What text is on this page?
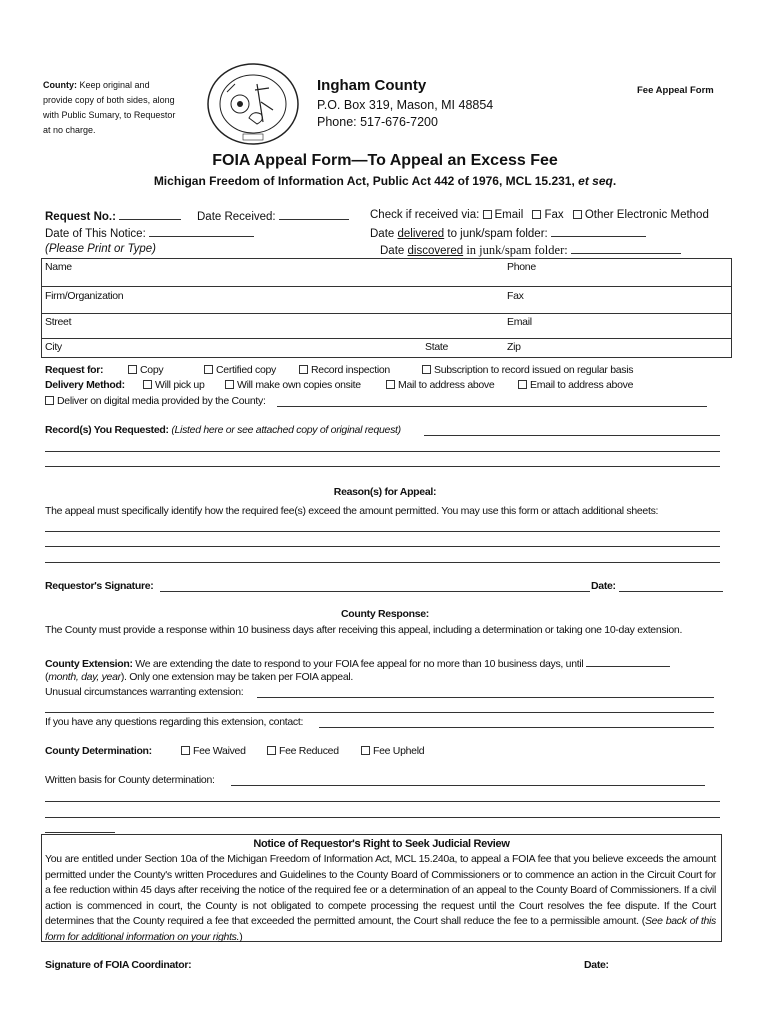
County: Keep original and provide copy of both sides, along with Public Sumary, to Requestor at no charge.
Ingham County
P.O. Box 319, Mason, MI 48854
Phone: 517-676-7200
Fee Appeal Form
FOIA Appeal Form—To Appeal an Excess Fee
Michigan Freedom of Information Act, Public Act 442 of 1976, MCL 15.231, et seq.
Request No.:	Date Received:
Date of This Notice:
(Please Print or Type)
Check if received via: Email Fax Other Electronic Method
Date delivered to junk/spam folder:
Date discovered in junk/spam folder:
Name	Phone
Firm/Organization	Fax
Street	Email
City	State	Zip
Request for:	Copy	Certified copy	Record inspection	Subscription to record issued on regular basis
Delivery Method:	Will pick up	Will make own copies onsite	Mail to address above	Email to address above
Deliver on digital media provided by the County:
Record(s) You Requested: (Listed here or see attached copy of original request)
Reason(s) for Appeal:
The appeal must specifically identify how the required fee(s) exceed the amount permitted. You may use this form or attach additional sheets:
Requestor's Signature:	Date:
County Response:
The County must provide a response within 10 business days after receiving this appeal, including a determination or taking one 10-day extension.
County Extension: We are extending the date to respond to your FOIA fee appeal for no more than 10 business days, until
(month, day, year). Only one extension may be taken per FOIA appeal.
Unusual circumstances warranting extension:
If you have any questions regarding this extension, contact:
County Determination:	Fee Waived	Fee Reduced	Fee Upheld
Written basis for County determination:
Notice of Requestor's Right to Seek Judicial Review
You are entitled under Section 10a of the Michigan Freedom of Information Act, MCL 15.240a, to appeal a FOIA fee that you believe exceeds the amount permitted under the County's written Procedures and Guidelines to the County Board of Commissioners or to commence an action in the Circuit Court for a fee reduction within 45 days after receiving the notice of the required fee or a determination of an appeal to the County Board of Commissioners. If a civil action is commenced in court, the County is not obligated to compete processing the request until the Court resolves the fee dispute. If the Court determines that the County required a fee that exceeded the permitted amount, the Court shall reduce the fee to a permissible amount. (See back of this form for additional information on your rights.)
Signature of FOIA Coordinator:	Date:
